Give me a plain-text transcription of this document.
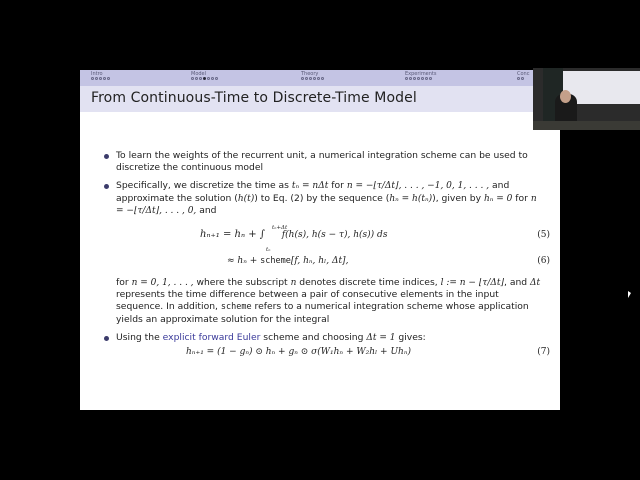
Intro	Model	Theory	Experiments	Conc
From Continuous-Time to Discrete-Time Model
To learn the weights of the recurrent unit, a numerical integration scheme can be used to discretize the continuous model
Specifically, we discretize the time as tₙ = nΔt for n = −⌊τ/Δt⌋, . . . , −1, 0, 1, . . . , and approximate the solution (h(t)) to Eq. (2) by the sequence (hₙ = h(tₙ)), given by hₙ = 0 for n = −⌊τ/Δt⌋, . . . , 0, and
hₙ₊₁ = hₙ + ∫
tₙ+Δt
tₙ
f(h(s), h(s − τ), h(s)) ds	(5)
≈ hₙ + scheme[f, hₙ, hₗ, Δt],	(6)
for n = 0, 1, . . . , where the subscript n denotes discrete time indices, l := n − ⌊τ/Δt⌋, and Δt represents the time difference between a pair of consecutive elements in the input sequence. In addition, scheme refers to a numerical integration scheme whose application yields an approximate solution for the integral
Using the explicit forward Euler scheme and choosing Δt = 1 gives:
hₙ₊₁ = (1 − gₙ) ⊙ hₙ + gₙ ⊙ σ(W₁hₙ + W₂hₗ + Uhₙ)	(7)
